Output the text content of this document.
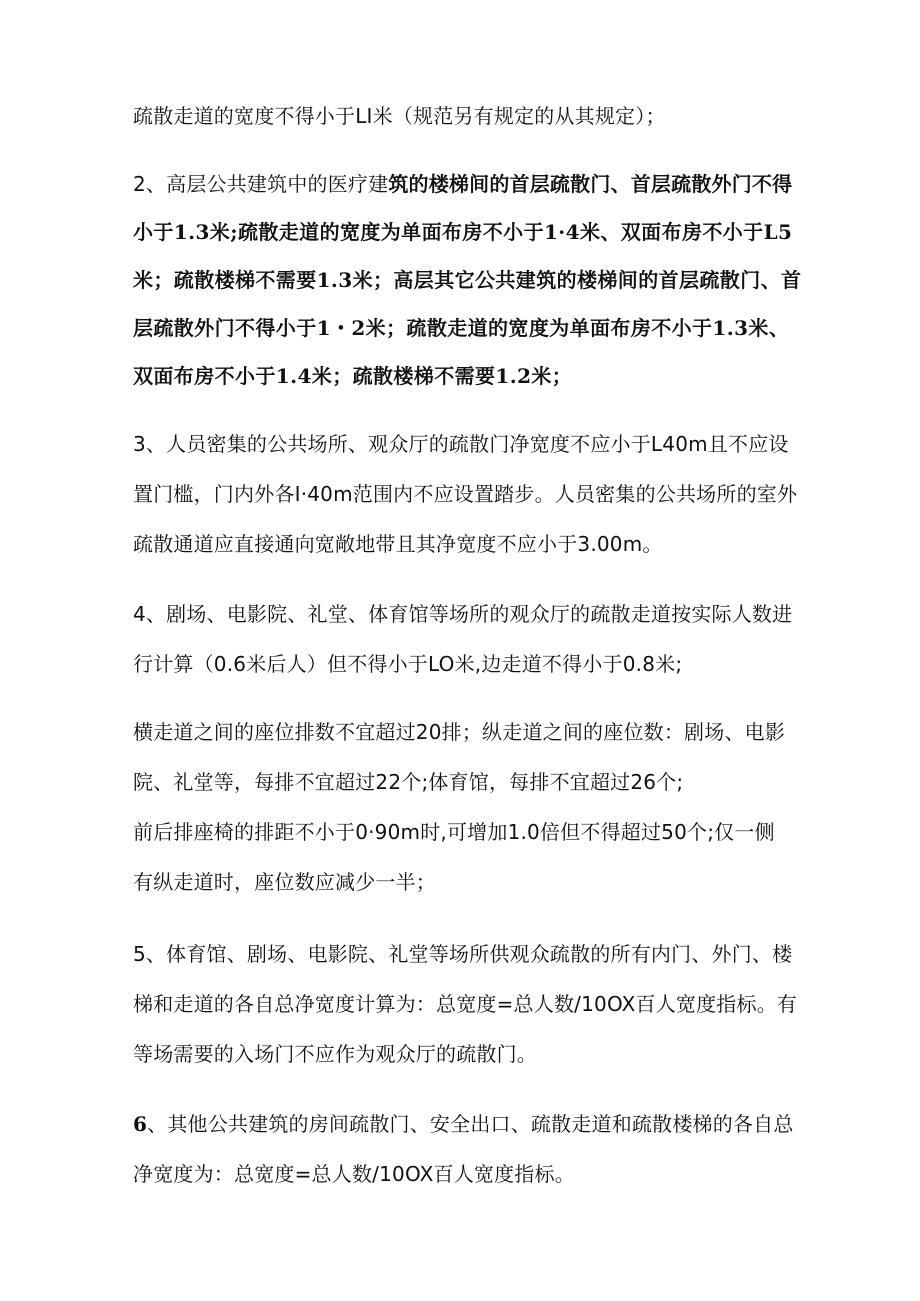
疏散走道的宽度不得小于LI米（规范另有规定的从其规定）；
2、高层公共建筑中的医疗建筑的楼梯间的首层疏散门、首层疏散外门不得
小于1.3米;疏散走道的宽度为单面布房不小于1·4米、双面布房不小于L5
米；疏散楼梯不需要1.3米；高层其它公共建筑的楼梯间的首层疏散门、首
层疏散外门不得小于1・2米；疏散走道的宽度为单面布房不小于1.3米、
双面布房不小于1.4米；疏散楼梯不需要1.2米；
3、人员密集的公共场所、观众厅的疏散门净宽度不应小于L40m且不应设
置门槛，门内外各I·40m范围内不应设置踏步。人员密集的公共场所的室外
疏散通道应直接通向宽敞地带且其净宽度不应小于3.00m。
4、剧场、电影院、礼堂、体育馆等场所的观众厅的疏散走道按实际人数进
行计算（0.6米后人）但不得小于LO米,边走道不得小于0.8米;
横走道之间的座位排数不宜超过20排；纵走道之间的座位数：剧场、电影
院、礼堂等，每排不宜超过22个;体育馆，每排不宜超过26个;
前后排座椅的排距不小于0·90m时,可增加1.0倍但不得超过50个;仅一侧
有纵走道时，座位数应减少一半；
5、体育馆、剧场、电影院、礼堂等场所供观众疏散的所有内门、外门、楼
梯和走道的各自总净宽度计算为：总宽度=总人数/10OX百人宽度指标。有
等场需要的入场门不应作为观众厅的疏散门。
6、其他公共建筑的房间疏散门、安全出口、疏散走道和疏散楼梯的各自总
净宽度为：总宽度=总人数/10OX百人宽度指标。
